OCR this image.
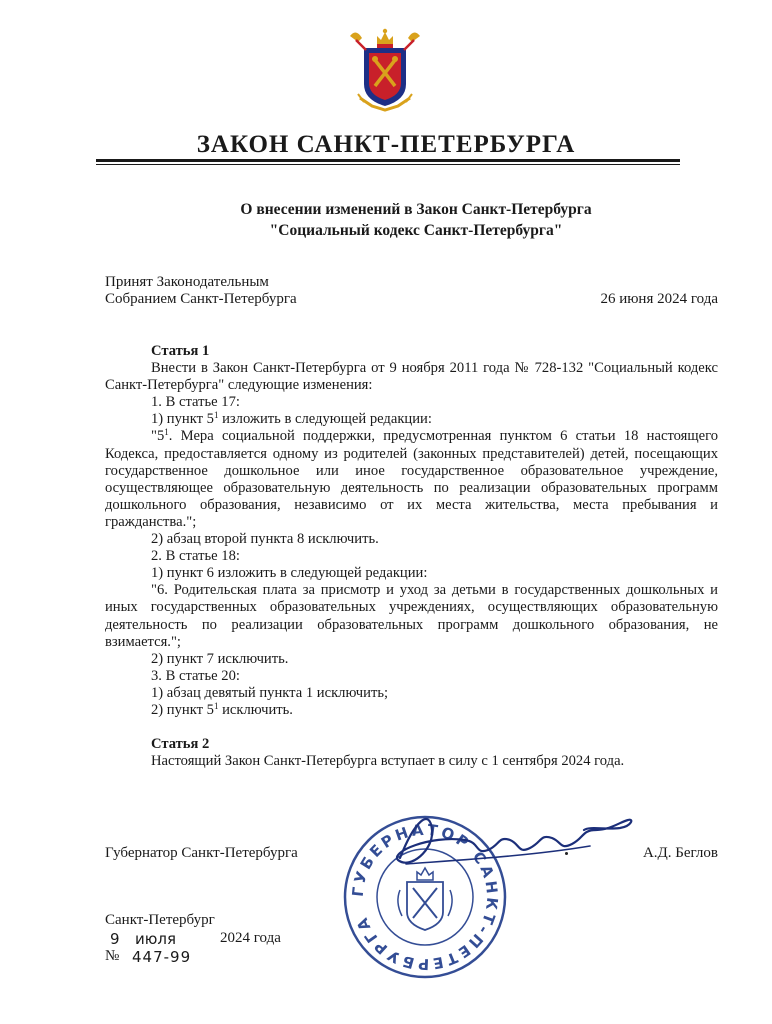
ЗАКОН САНКТ-ПЕТЕРБУРГА
О внесении изменений в Закон Санкт-Петербурга
"Социальный кодекс Санкт-Петербурга"
Принят Законодательным
Собранием Санкт-Петербурга	26 июня 2024 года

Статья 1

Внести в Закон Санкт-Петербурга от 9 ноября 2011 года № 728-132 "Социальный кодекс Санкт-Петербурга" следующие изменения:

1. В статье 17:

1) пункт $5^1$ изложить в следующей редакции:

"$5^1$. Мера социальной поддержки, предусмотренная пунктом 6 статьи 18 настоящего Кодекса, предоставляется одному из родителей (законных представителей) детей, посещающих государственное дошкольное или иное государственное образовательное учреждение, осуществляющее образовательную деятельность по реализации образовательных программ дошкольного образования, независимо от их места жительства, места пребывания и гражданства.";

2) абзац второй пункта 8 исключить.

2. В статье 18:

1) пункт 6 изложить в следующей редакции:

"6. Родительская плата за присмотр и уход за детьми в государственных дошкольных и иных государственных образовательных учреждениях, осуществляющих образовательную деятельность по реализации образовательных программ дошкольного образования, не взимается.";

2) пункт 7 исключить.

3. В статье 20:

1) абзац девятый пункта 1 исключить;

2) пункт $5^1$ исключить.

Статья 2

Настоящий Закон Санкт-Петербурга вступает в силу с 1 сентября 2024 года.

ГУБЕРНАТОР САНКТ-ПЕТЕРБУРГА
Губернатор Санкт-Петербурга	А.Д. Беглов
Санкт-Петербург
9 июля	2024 года
№ 447-99
